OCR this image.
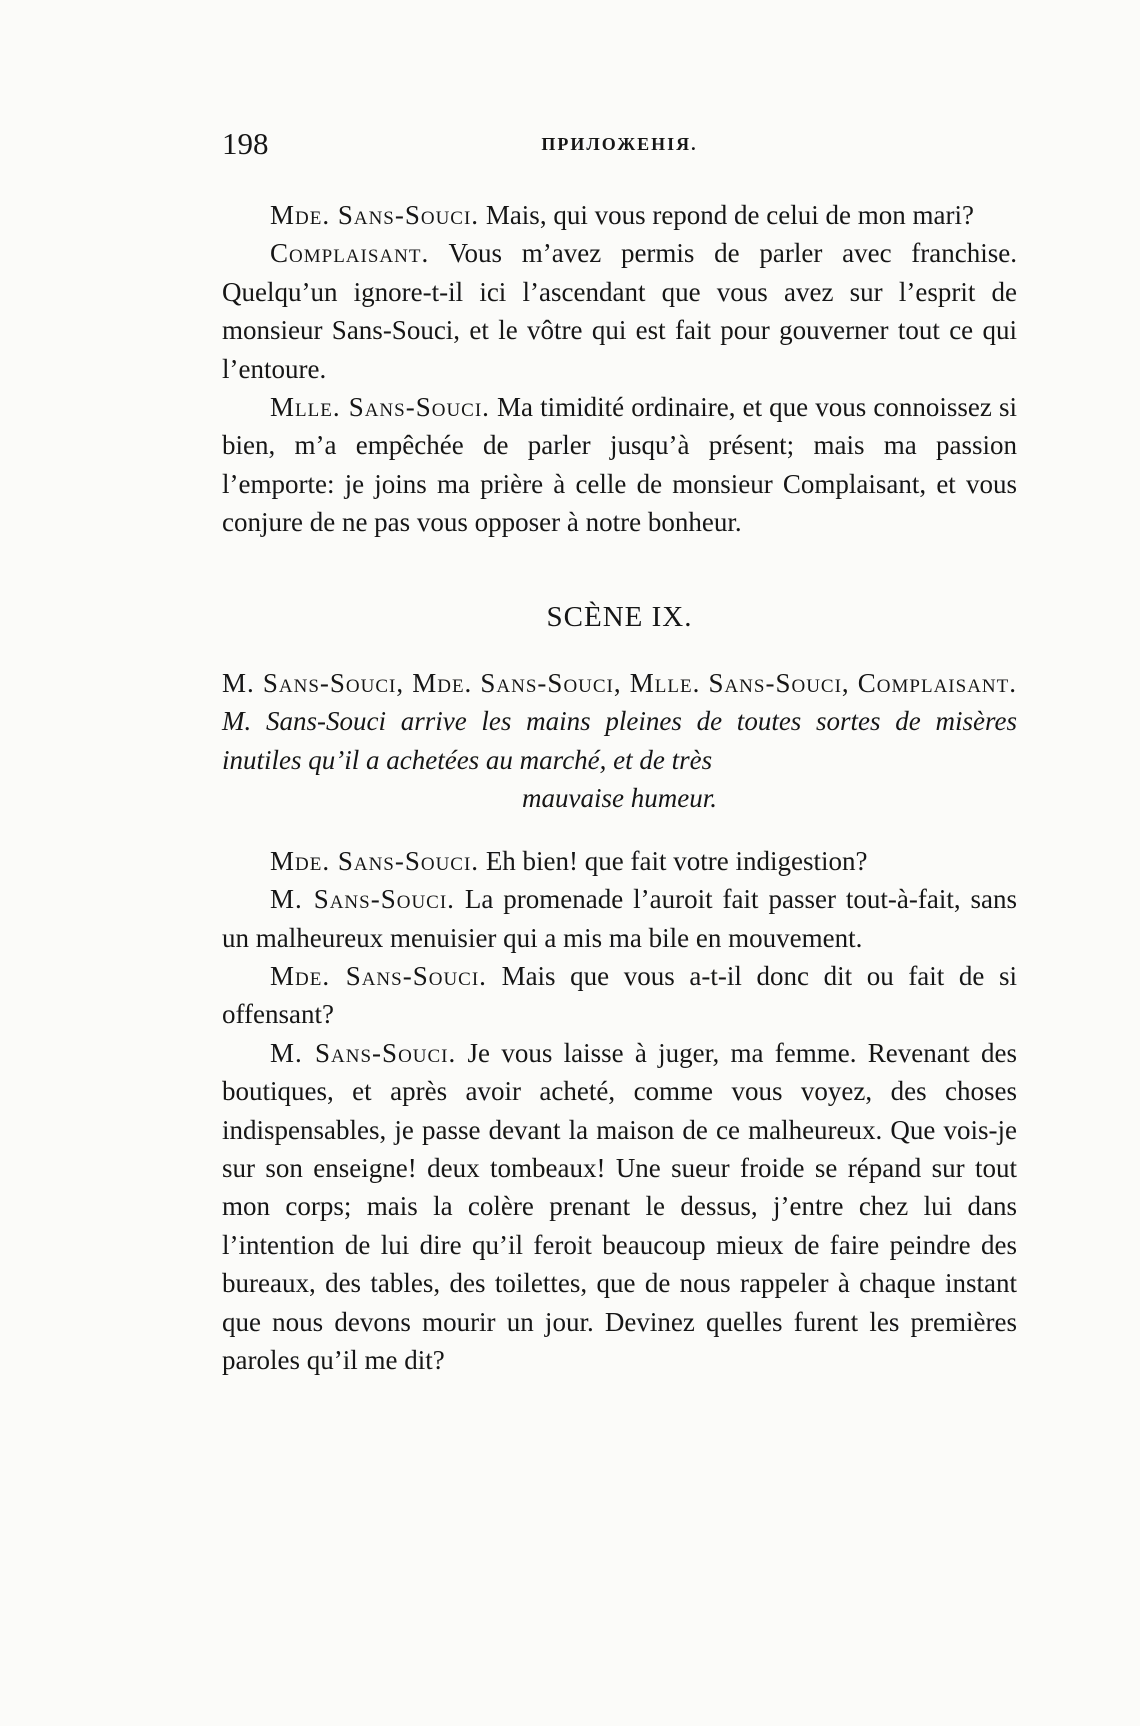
198	ПРИЛОЖЕНІЯ.

Mde. Sans-Souci. Mais, qui vous repond de celui de mon mari?

Complaisant. Vous m’avez permis de parler avec franchise. Quelqu’un ignore-t-il ici l’ascendant que vous avez sur l’esprit de monsieur Sans-Souci, et le vôtre qui est fait pour gouverner tout ce qui l’entoure.

Mlle. Sans-Souci. Ma timidité ordinaire, et que vous connoissez si bien, m’a empêchée de parler jusqu’à présent; mais ma passion l’emporte: je joins ma prière à celle de monsieur Complaisant, et vous conjure de ne pas vous opposer à notre bonheur.

SCÈNE IX.

M. Sans-Souci, Mde. Sans-Souci, Mlle. Sans-Souci, Complaisant. M. Sans-Souci arrive les mains pleines de toutes sortes de misères inutiles qu’il a achetées au marché, et de très

mauvaise humeur.

Mde. Sans-Souci. Eh bien! que fait votre indigestion?

M. Sans-Souci. La promenade l’auroit fait passer tout-à-fait, sans un malheureux menuisier qui a mis ma bile en mouvement.

Mde. Sans-Souci. Mais que vous a-t-il donc dit ou fait de si offensant?

M. Sans-Souci. Je vous laisse à juger, ma femme. Revenant des boutiques, et après avoir acheté, comme vous voyez, des choses indispensables, je passe devant la maison de ce malheureux. Que vois-je sur son enseigne! deux tombeaux! Une sueur froide se répand sur tout mon corps; mais la colère prenant le dessus, j’entre chez lui dans l’intention de lui dire qu’il feroit beaucoup mieux de faire peindre des bureaux, des tables, des toilettes, que de nous rappeler à chaque instant que nous devons mourir un jour. Devinez quelles furent les premières paroles qu’il me dit?
